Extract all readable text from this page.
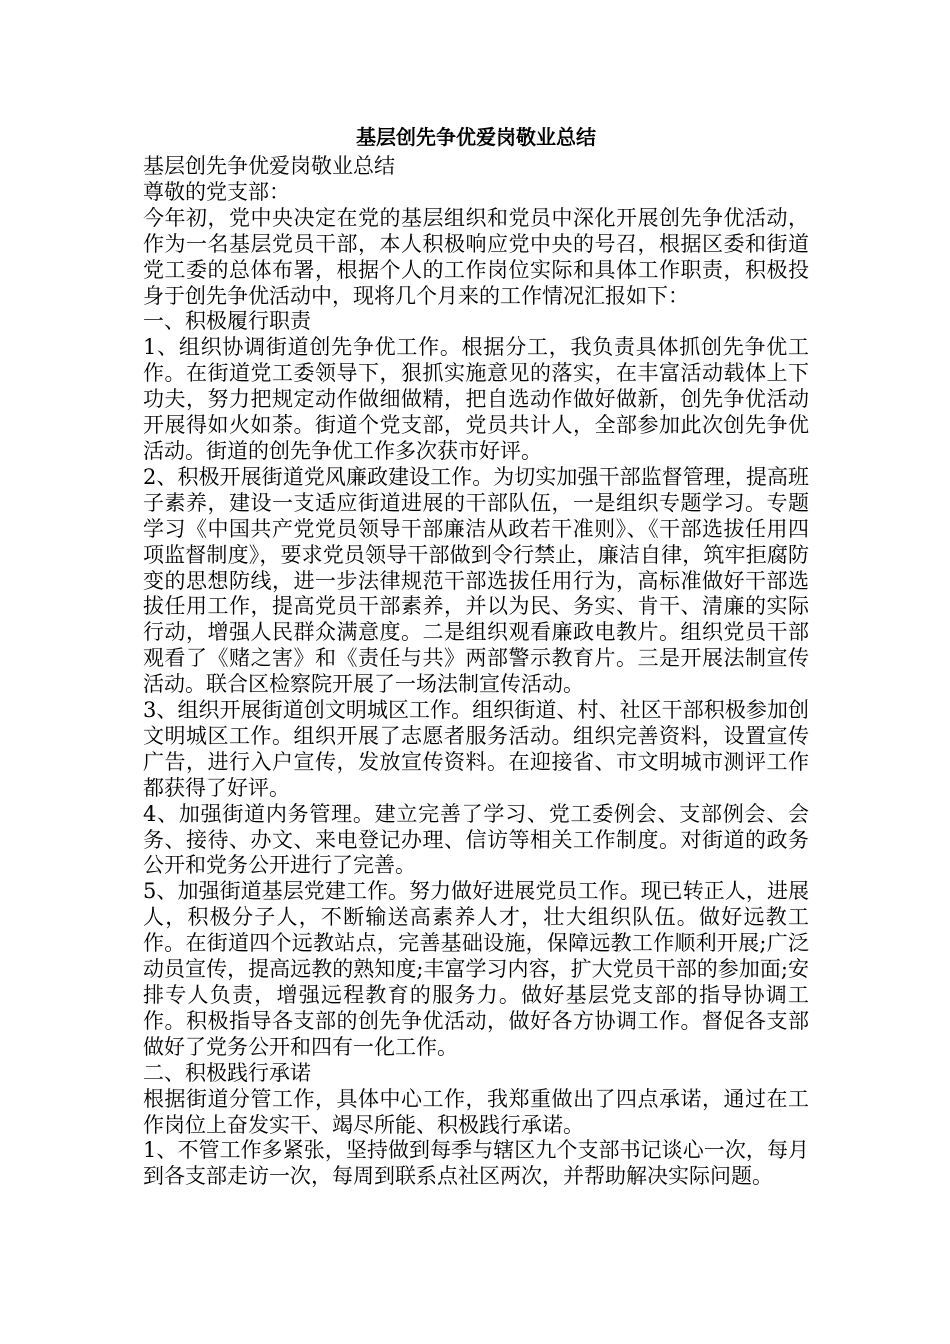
基层创先争优爱岗敬业总结

基层创先争优爱岗敬业总结

尊敬的党支部：

今年初，党中央决定在党的基层组织和党员中深化开展创先争优活动，作为一名基层党员干部，本人积极响应党中央的号召，根据区委和街道党工委的总体布署，根据个人的工作岗位实际和具体工作职责，积极投身于创先争优活动中，现将几个月来的工作情况汇报如下：

一、积极履行职责

1、组织协调街道创先争优工作。根据分工，我负责具体抓创先争优工作。在街道党工委领导下，狠抓实施意见的落实，在丰富活动载体上下功夫，努力把规定动作做细做精，把自选动作做好做新，创先争优活动开展得如火如荼。街道个党支部，党员共计人，全部参加此次创先争优活动。街道的创先争优工作多次获市好评。

2、积极开展街道党风廉政建设工作。为切实加强干部监督管理，提高班子素养，建设一支适应街道进展的干部队伍，一是组织专题学习。专题学习《中国共产党党员领导干部廉洁从政若干准则》、《干部选拔任用四项监督制度》，要求党员领导干部做到令行禁止，廉洁自律，筑牢拒腐防变的思想防线，进一步法律规范干部选拔任用行为，高标准做好干部选拔任用工作，提高党员干部素养，并以为民、务实、肯干、清廉的实际行动，增强人民群众满意度。二是组织观看廉政电教片。组织党员干部观看了《赌之害》和《责任与共》两部警示教育片。三是开展法制宣传活动。联合区检察院开展了一场法制宣传活动。

3、组织开展街道创文明城区工作。组织街道、村、社区干部积极参加创文明城区工作。组织开展了志愿者服务活动。组织完善资料，设置宣传广告，进行入户宣传，发放宣传资料。在迎接省、市文明城市测评工作都获得了好评。

4、加强街道内务管理。建立完善了学习、党工委例会、支部例会、会务、接待、办文、来电登记办理、信访等相关工作制度。对街道的政务公开和党务公开进行了完善。

5、加强街道基层党建工作。努力做好进展党员工作。现已转正人，进展人，积极分子人，不断输送高素养人才，壮大组织队伍。做好远教工作。在街道四个远教站点，完善基础设施，保障远教工作顺利开展;广泛动员宣传，提高远教的熟知度;丰富学习内容，扩大党员干部的参加面;安排专人负责，增强远程教育的服务力。做好基层党支部的指导协调工作。积极指导各支部的创先争优活动，做好各方协调工作。督促各支部做好了党务公开和四有一化工作。

二、积极践行承诺

根据街道分管工作，具体中心工作，我郑重做出了四点承诺，通过在工作岗位上奋发实干、竭尽所能、积极践行承诺。

1、不管工作多紧张，坚持做到每季与辖区九个支部书记谈心一次，每月到各支部走访一次，每周到联系点社区两次，并帮助解决实际问题。
